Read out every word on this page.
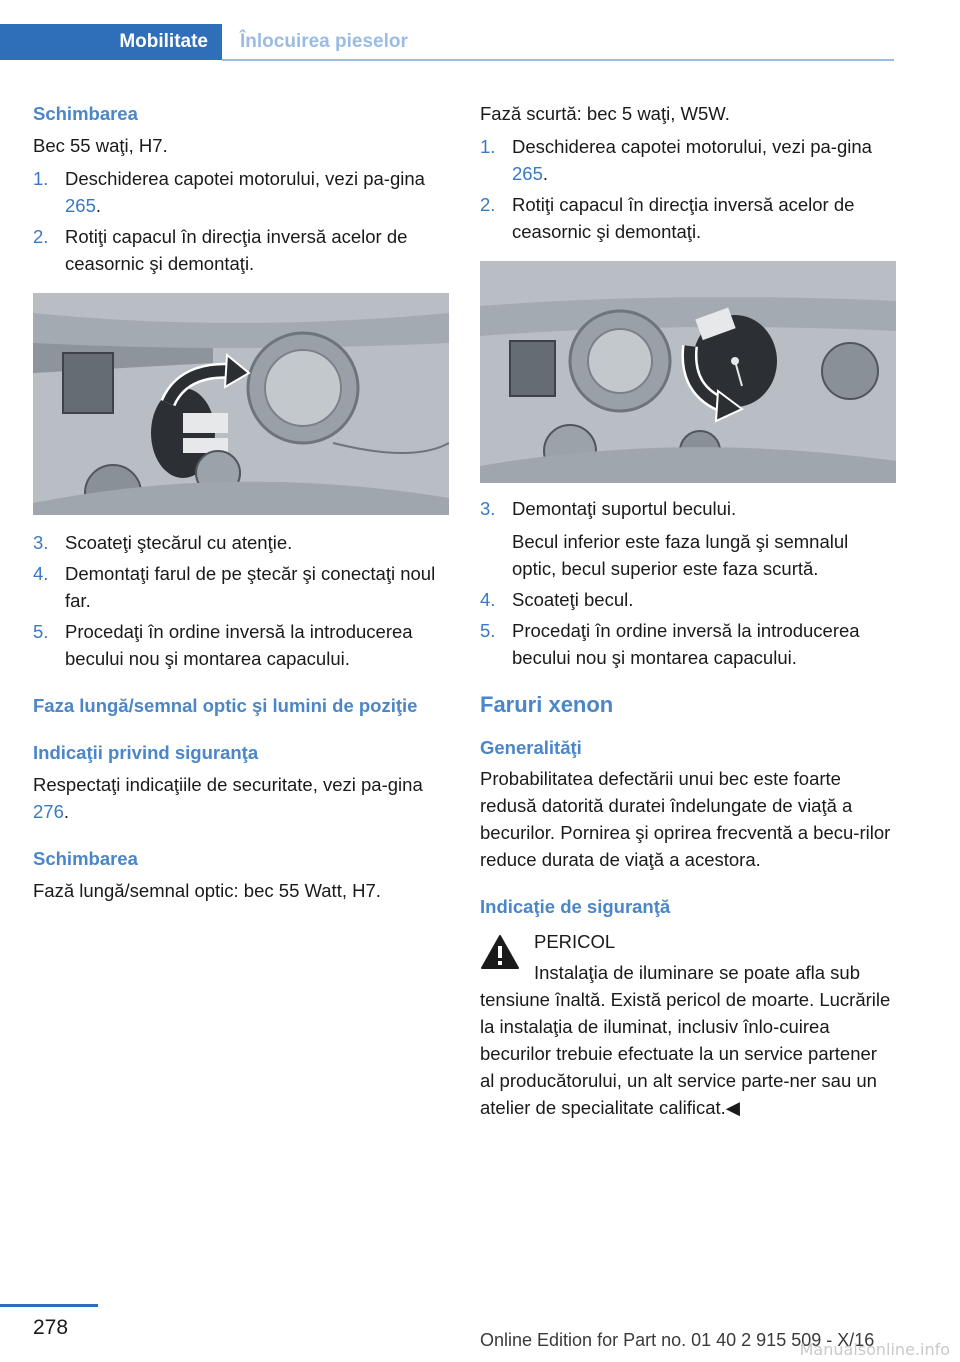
Mobilitate	Înlocuirea pieselor

Schimbarea

Bec 55 waţi, H7.

1. Deschiderea capotei motorului, vezi pa‐gina 265.
2. Rotiţi capacul în direcţia inversă acelor de ceasornic şi demontaţi.
3. Scoateţi ştecărul cu atenţie.
4. Demontaţi farul de pe ştecăr şi conectaţi noul far.
5. Procedaţi în ordine inversă la introducerea becului nou şi montarea capacului.

Faza lungă/semnal optic şi lumini de poziţie

Indicaţii privind siguranţa

Respectaţi indicaţiile de securitate, vezi pa‐gina 276.

Schimbarea

Fază lungă/semnal optic: bec 55 Watt, H7.

Fază scurtă: bec 5 waţi, W5W.

1. Deschiderea capotei motorului, vezi pa‐gina 265.
2. Rotiţi capacul în direcţia inversă acelor de ceasornic şi demontaţi.
3. Demontaţi suportul becului.

Becul inferior este faza lungă şi semnalul optic, becul superior este faza scurtă.

4. Scoateţi becul.
5. Procedaţi în ordine inversă la introducerea becului nou şi montarea capacului.

Faruri xenon

Generalităţi

Probabilitatea defectării unui bec este foarte redusă datorită duratei îndelungate de viaţă a becurilor. Pornirea şi oprirea frecventă a becu‐rilor reduce durata de viaţă a acestora.

Indicaţie de siguranţă

PERICOL

Instalaţia de iluminare se poate afla sub

tensiune înaltă. Există pericol de moarte. Lucrările la instalaţia de iluminat, inclusiv înlo‐cuirea becurilor trebuie efectuate la un service partener al producătorului, un alt service parte‐ner sau un atelier de specialitate calificat.◀

278
Online Edition for Part no. 01 40 2 915 509 - X/16
Manualsonline.info
